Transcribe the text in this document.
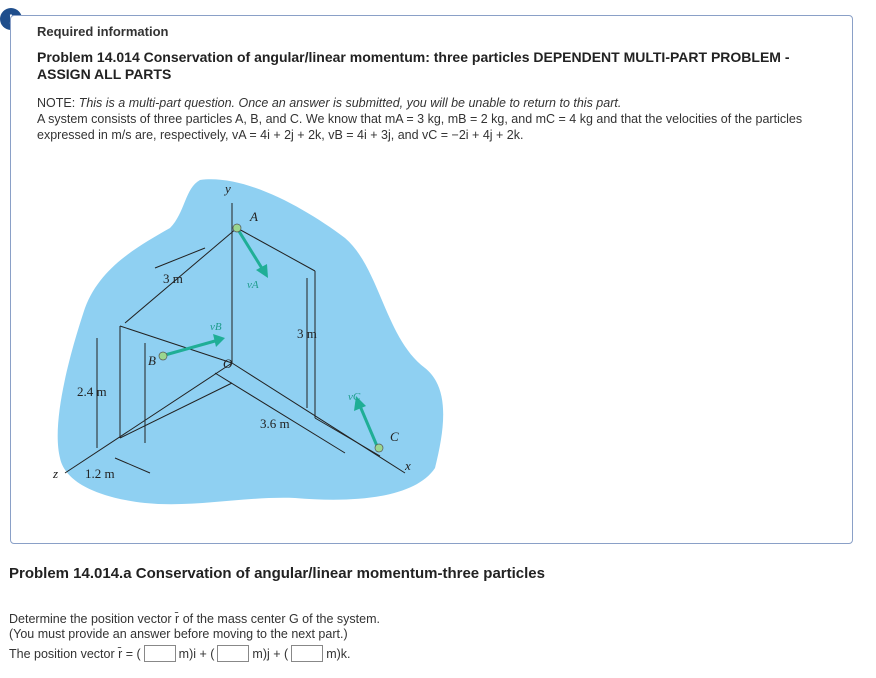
Required information
Problem 14.014 Conservation of angular/linear momentum: three particles DEPENDENT MULTI-PART PROBLEM - ASSIGN ALL PARTS
NOTE: This is a multi-part question. Once an answer is submitted, you will be unable to return to this part.
A system consists of three particles A, B, and C. We know that mA = 3 kg, mB = 2 kg, and mC = 4 kg and that the velocities of the particles expressed in m/s are, respectively, vA = 4i + 2j + 2k, vB = 4i + 3j, and vC = −2i + 4j + 2k.
y
x
z
A
B
C
O
vA
vB
vC
3 m
3 m
2.4 m
1.2 m
3.6 m
Problem 14.014.a Conservation of angular/linear momentum-three particles
Determine the position vector r̄ of the mass center G of the system.
(You must provide an answer before moving to the next part.)
The position vector r̄ = (	m)i + (	m)j + (	m)k.
